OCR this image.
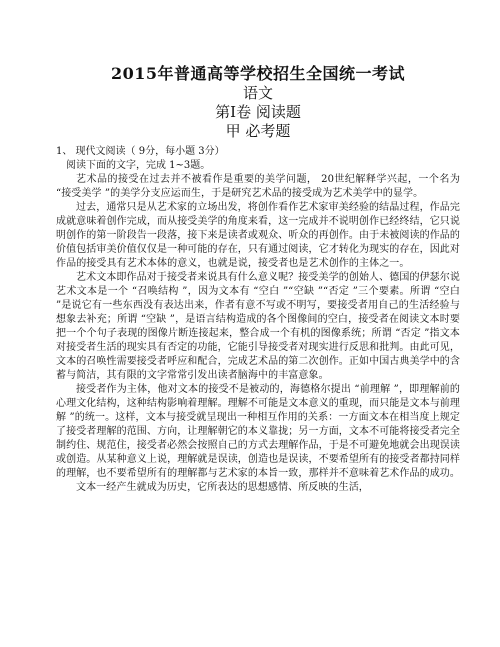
2015年普通高等学校招生全国统一考试
语文
第Ⅰ卷 阅读题
甲 必考题
1、 现代文阅读（ 9分，每小题 3分）
阅读下面的文字，完成 1~3题。

艺术品的接受在过去并不被看作是重要的美学问题， 20世纪解释学兴起，一个名为 “接受美学 ”的美学分支应运而生，于是研究艺术品的接受成为艺术美学中的显学。

过去，通常只是从艺术家的立场出发，将创作看作艺术家审美经验的结晶过程，作品完成就意味着创作完成，而从接受美学的角度来看，这一完成并不说明创作已经终结，它只说明创作的第一阶段告一段落，接下来是读者或观众、听众的再创作。由于未被阅读的作品的价值包括审美价值仅仅是一种可能的存在，只有通过阅读，它才转化为现实的存在，因此对作品的接受具有艺术本体的意义，也就是说，接受者也是艺术创作的主体之一。

艺术文本即作品对于接受者来说具有什么意义呢？接受美学的创始人、德国的伊瑟尔说艺术文本是一个 “召唤结构 ”，因为文本有 “空白 ”“空缺 ”“否定 ”三个要素。所谓 “空白 ”是说它有一些东西没有表达出来，作者有意不写或不明写，要接受者用自己的生活经验与想象去补充；所谓 “空缺 ”，是语言结构造成的各个图像间的空白，接受者在阅读文本时要把一个个句子表现的图像片断连接起来，整合成一个有机的图像系统；所谓 “否定 ”指文本对接受者生活的现实具有否定的功能，它能引导接受者对现实进行反思和批判。由此可见，文本的召唤性需要接受者呼应和配合，完成艺术品的第二次创作。正如中国古典美学中的含蓄与简洁，其有限的文字常常引发出读者脑海中的丰富意象。

接受者作为主体，他对文本的接受不是被动的，海德格尔提出 “前理解 ”，即理解前的心理文化结构，这种结构影响着理解。理解不可能是文本意义的重现，而只能是文本与前理解 ”的统一。这样，文本与接受就呈现出一种相互作用的关系：一方面文本在相当度上规定了接受者理解的范围、方向，让理解朝它的本义靠拢；另一方面，文本不可能将接受者完全制约住、规范住，接受者必然会按照自己的方式去理解作品，于是不可避免地就会出现误读或创造。从某种意义上说，理解就是误读，创造也是误读，不要希望所有的接受者都持同样的理解，也不要希望所有的理解都与艺术家的本旨一致，那样并不意味着艺术作品的成功。

文本一经产生就成为历史，它所表达的思想感情、所反映的生活，
